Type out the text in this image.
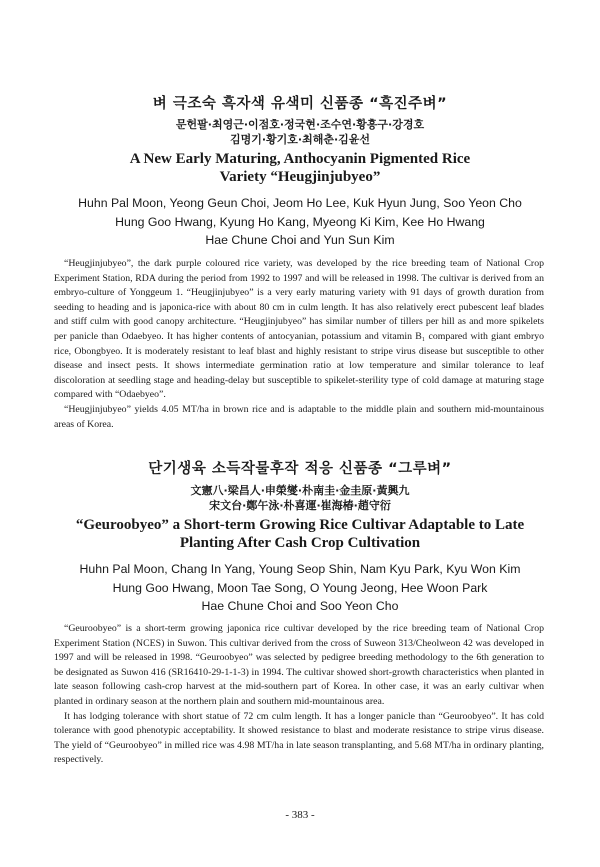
벼 극조숙 흑자색 유색미 신품종 “흑진주벼”
문헌팔·최영근·이점호·정국현·조수연·황흥구·강경호
김명기·황기호·최해춘·김윤선
A New Early Maturing, Anthocyanin Pigmented Rice
Variety “Heugjinjubyeo”
Huhn Pal Moon, Yeong Geun Choi, Jeom Ho Lee, Kuk Hyun Jung, Soo Yeon Cho
Hung Goo Hwang, Kyung Ho Kang, Myeong Ki Kim, Kee Ho Hwang
Hae Chune Choi and Yun Sun Kim

“Heugjinjubyeo”, the dark purple coloured rice variety, was developed by the rice breeding team of National Crop Experiment Station, RDA during the period from 1992 to 1997 and will be released in 1998. The cultivar is derived from an embryo-culture of Yonggeum 1. “Heugjinjubyeo” is a very early maturing variety with 91 days of growth duration from seeding to heading and is japonica-rice with about 80 cm in culm length. It has also relatively erect pubescent leaf blades and stiff culm with good canopy architecture. “Heugjinjubyeo” has similar number of tillers per hill as and more spikelets per panicle than Odaebyeo. It has higher contents of antocyanian, potassium and vitamin B₁ compared with giant embryo rice, Obongbyeo. It is moderately resistant to leaf blast and highly resistant to stripe virus disease but susceptible to other disease and insect pests. It shows intermediate germination ratio at low temperature and similar tolerance to leaf discoloration at seedling stage and heading-delay but susceptible to spikelet-sterility type of cold damage at maturing stage compared with “Odaebyeo”.

“Heugjinjubyeo” yields 4.05 MT/ha in brown rice and is adaptable to the middle plain and southern mid-mountainous areas of Korea.

단기생육 소득작물후작 적응 신품종 “그루벼”
文憲八·梁昌人·申榮燮·朴南圭·金圭原·黃興九
宋文台·鄭午泳·朴喜運·崔海椿·趙守衍
“Geuroobyeo” a Short-term Growing Rice Cultivar Adaptable to Late
Planting After Cash Crop Cultivation
Huhn Pal Moon, Chang In Yang, Young Seop Shin, Nam Kyu Park, Kyu Won Kim
Hung Goo Hwang, Moon Tae Song, O Young Jeong, Hee Woon Park
Hae Chune Choi and Soo Yeon Cho

“Geuroobyeo” is a short-term growing japonica rice cultivar developed by the rice breeding team of National Crop Experiment Station (NCES) in Suwon. This cultivar derived from the cross of Suweon 313/Cheolweon 42 was developed in 1997 and will be released in 1998. “Geuroobyeo” was selected by pedigree breeding methodology to the 6th generation to be designated as Suwon 416 (SR16410-29-1-1-3) in 1994. The cultivar showed short-growth characteristics when planted in late season following cash-crop harvest at the mid-southern part of Korea. In other case, it was an early cultivar when planted in ordinary season at the northern plain and southern mid-mountainous area.

It has lodging tolerance with short statue of 72 cm culm length. It has a longer panicle than “Geuroobyeo”. It has cold tolerance with good phenotypic acceptability. It showed resistance to blast and moderate resistance to stripe virus disease. The yield of “Geuroobyeo” in milled rice was 4.98 MT/ha in late season transplanting, and 5.68 MT/ha in ordinary planting, respectively.

- 383 -
